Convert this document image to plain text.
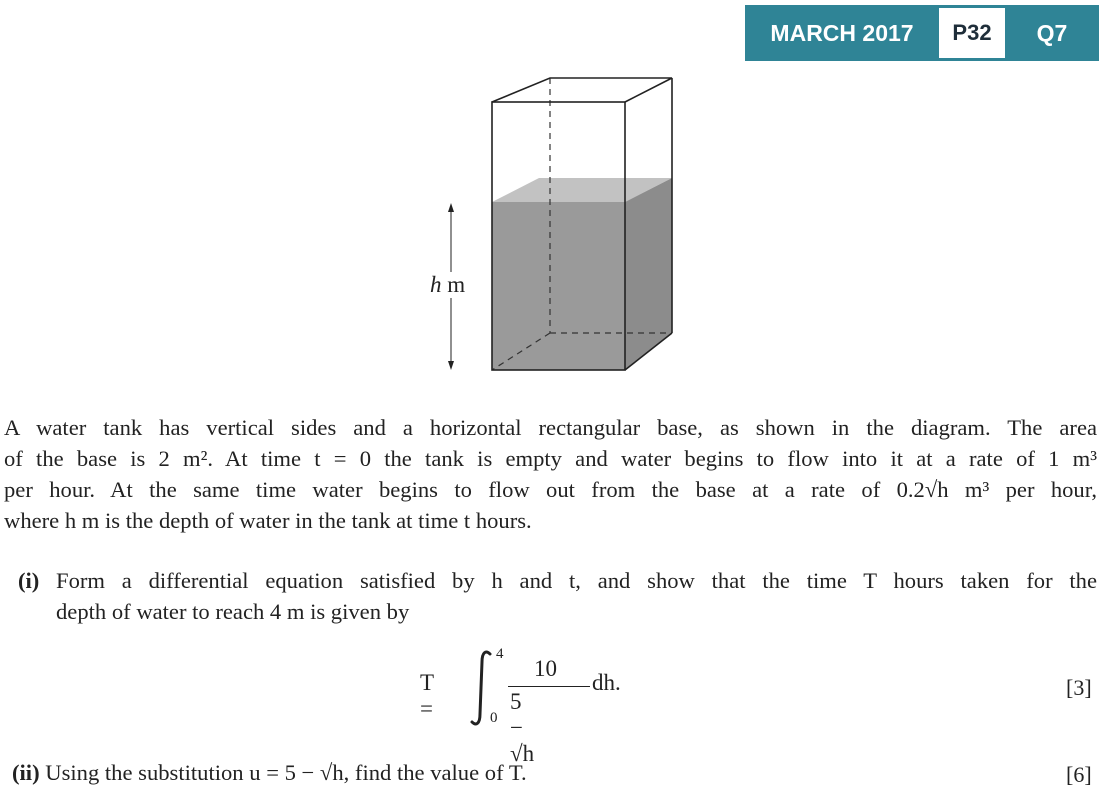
MARCH 2017	P32	Q7
h m
A water tank has vertical sides and a horizontal rectangular base, as shown in the diagram. The area
of the base is 2 m². At time t = 0 the tank is empty and water begins to flow into it at a rate of 1 m³
per hour. At the same time water begins to flow out from the base at a rate of 0.2√h m³ per hour,
where h m is the depth of water in the tank at time t hours.
(i) Form a differential equation satisfied by h and t, and show that the time T hours taken for the
depth of water to reach 4 m is given by
T =
4
0
10
5 − √h
dh.	[3]
(ii) Using the substitution u = 5 − √h, find the value of T.	[6]
